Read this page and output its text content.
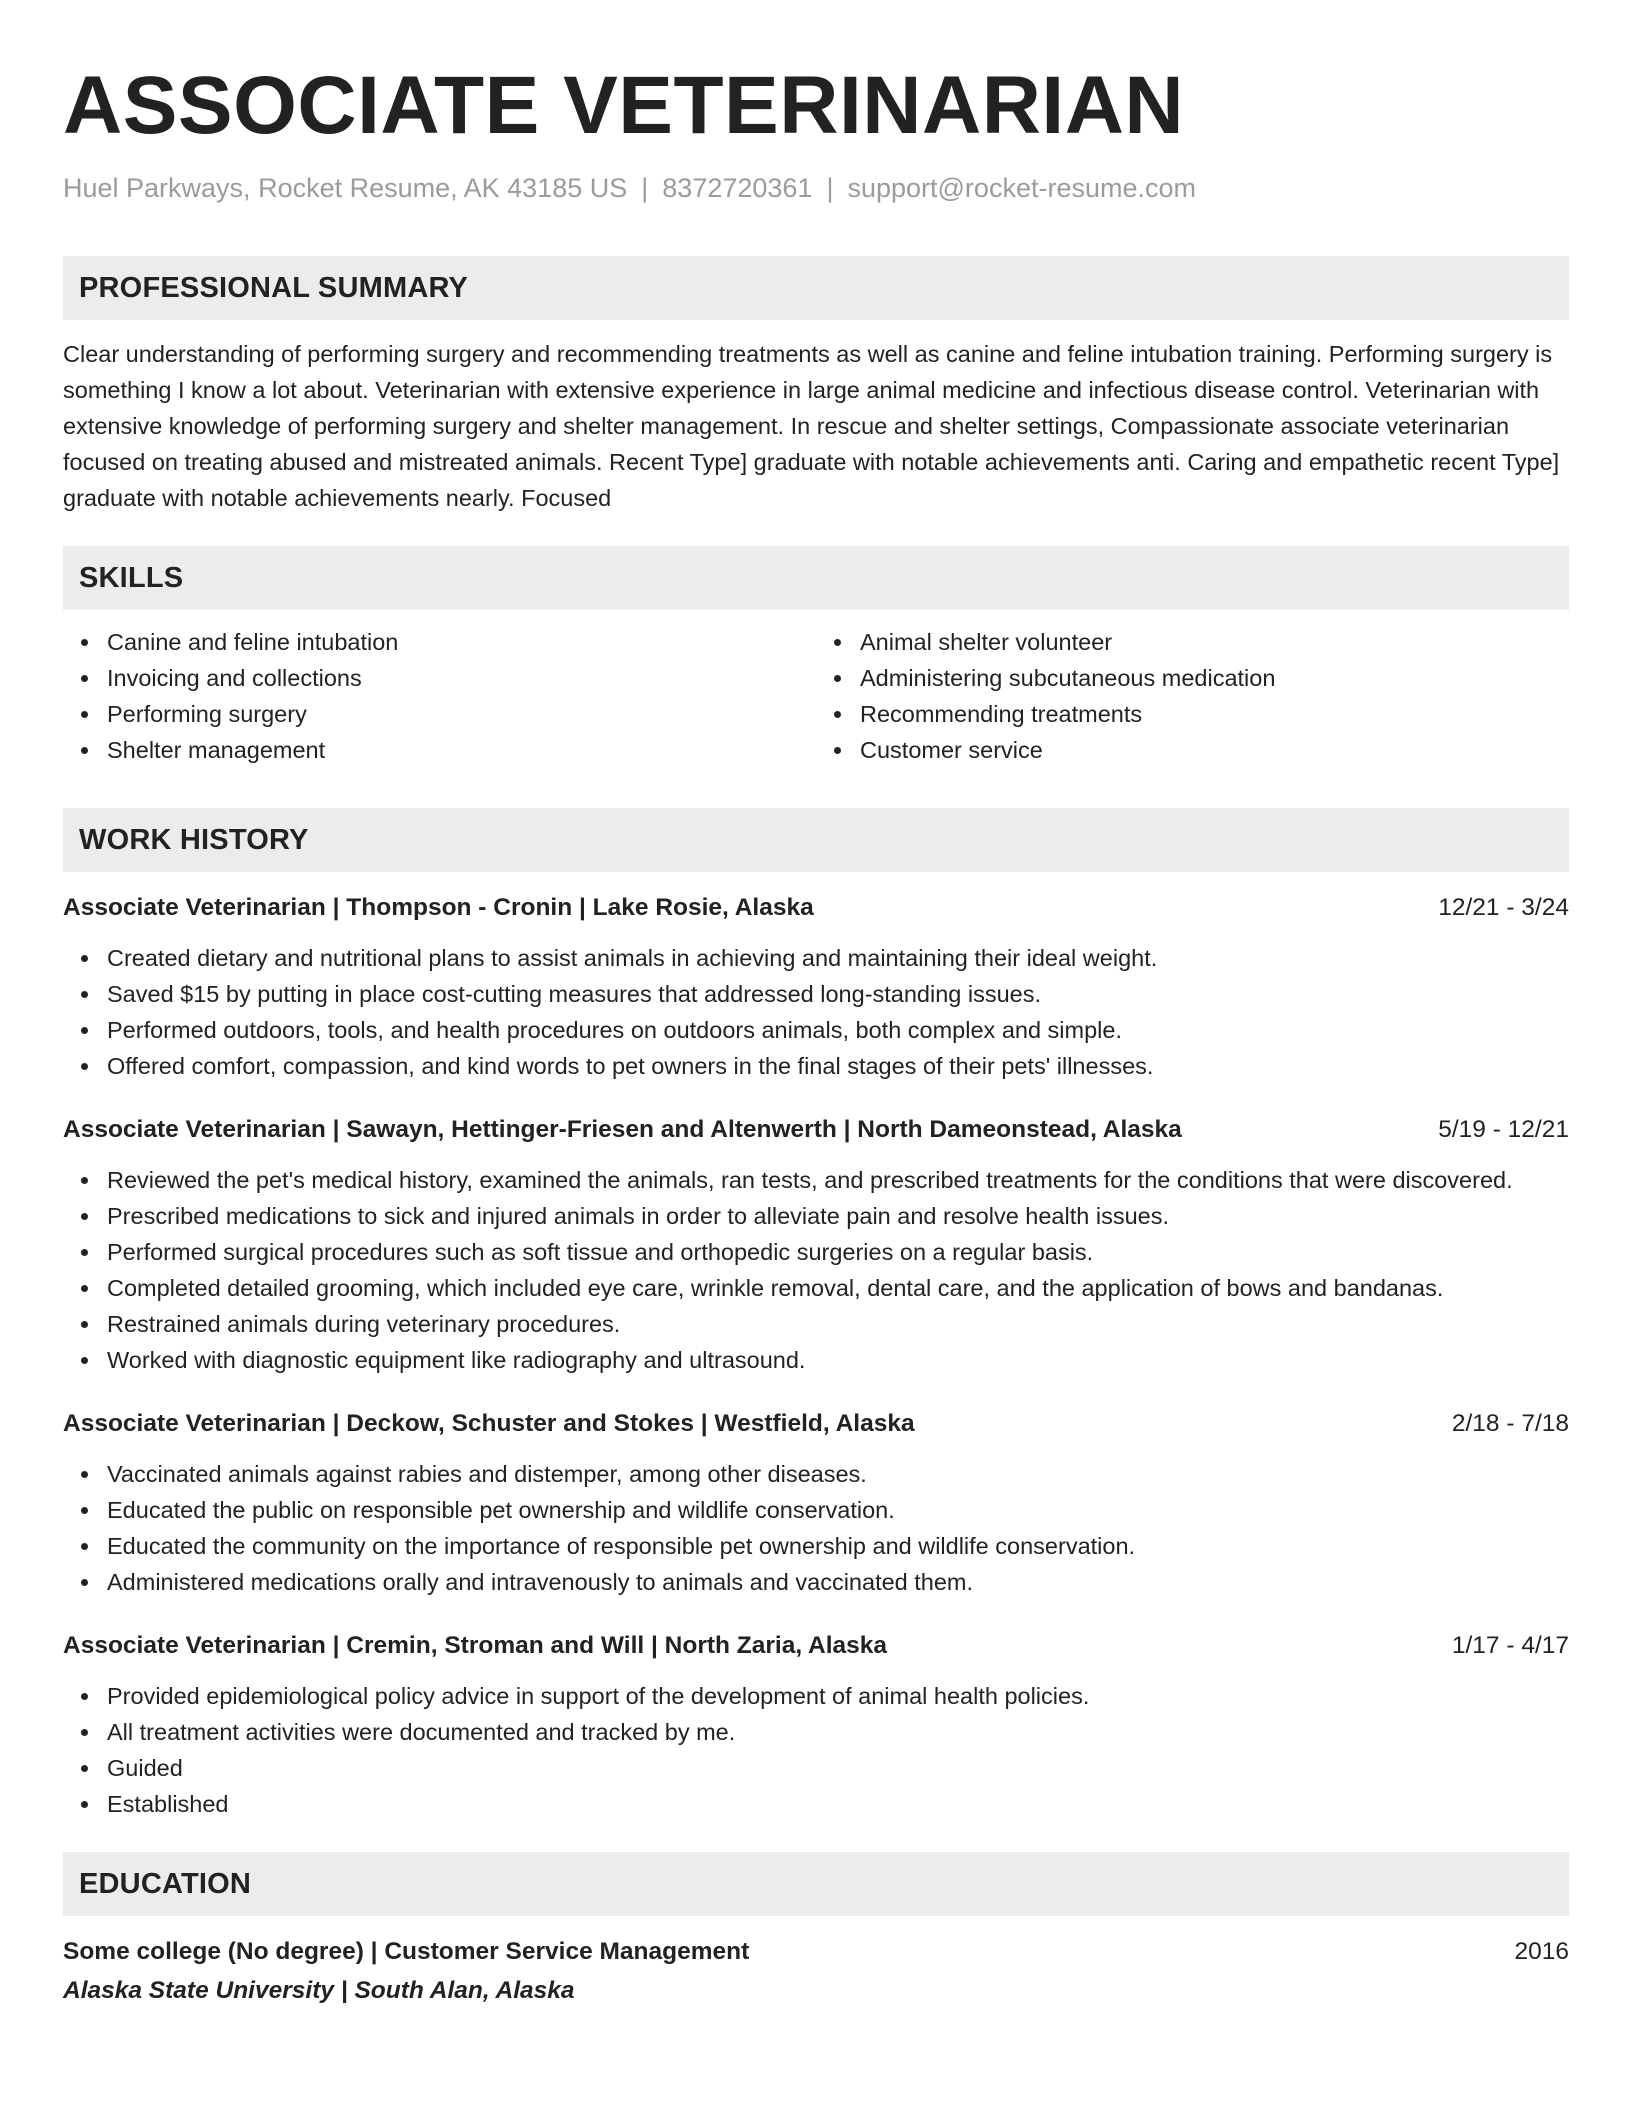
ASSOCIATE VETERINARIAN
Huel Parkways, Rocket Resume, AK 43185 US | 8372720361 | support@rocket-resume.com
PROFESSIONAL SUMMARY
Clear understanding of performing surgery and recommending treatments as well as canine and feline intubation training. Performing surgery is something I know a lot about. Veterinarian with extensive experience in large animal medicine and infectious disease control. Veterinarian with extensive knowledge of performing surgery and shelter management. In rescue and shelter settings, Compassionate associate veterinarian focused on treating abused and mistreated animals. Recent Type] graduate with notable achievements anti. Caring and empathetic recent Type] graduate with notable achievements nearly. Focused
SKILLS
Canine and feline intubation
Invoicing and collections
Performing surgery
Shelter management
Animal shelter volunteer
Administering subcutaneous medication
Recommending treatments
Customer service
WORK HISTORY
Associate Veterinarian | Thompson - Cronin | Lake Rosie, Alaska	12/21 - 3/24
Created dietary and nutritional plans to assist animals in achieving and maintaining their ideal weight.
Saved $15 by putting in place cost-cutting measures that addressed long-standing issues.
Performed outdoors, tools, and health procedures on outdoors animals, both complex and simple.
Offered comfort, compassion, and kind words to pet owners in the final stages of their pets' illnesses.
Associate Veterinarian | Sawayn, Hettinger-Friesen and Altenwerth | North Dameonstead, Alaska	5/19 - 12/21
Reviewed the pet's medical history, examined the animals, ran tests, and prescribed treatments for the conditions that were discovered.
Prescribed medications to sick and injured animals in order to alleviate pain and resolve health issues.
Performed surgical procedures such as soft tissue and orthopedic surgeries on a regular basis.
Completed detailed grooming, which included eye care, wrinkle removal, dental care, and the application of bows and bandanas.
Restrained animals during veterinary procedures.
Worked with diagnostic equipment like radiography and ultrasound.
Associate Veterinarian | Deckow, Schuster and Stokes | Westfield, Alaska	2/18 - 7/18
Vaccinated animals against rabies and distemper, among other diseases.
Educated the public on responsible pet ownership and wildlife conservation.
Educated the community on the importance of responsible pet ownership and wildlife conservation.
Administered medications orally and intravenously to animals and vaccinated them.
Associate Veterinarian | Cremin, Stroman and Will | North Zaria, Alaska	1/17 - 4/17
Provided epidemiological policy advice in support of the development of animal health policies.
All treatment activities were documented and tracked by me.
Guided
Established
EDUCATION
Some college (No degree) | Customer Service Management	2016
Alaska State University | South Alan, Alaska
